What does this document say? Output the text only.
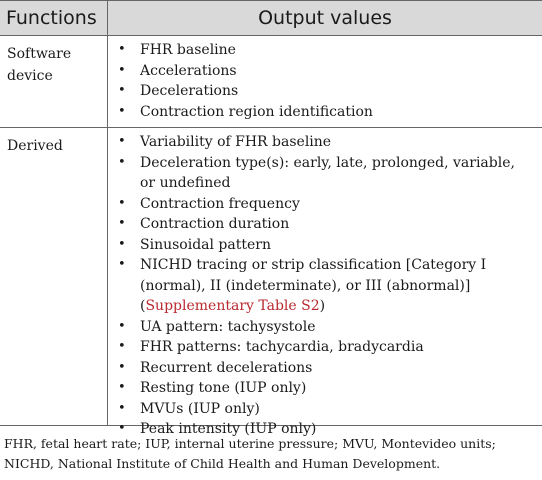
Functions	Output values
Software
device
• FHR baseline
• Accelerations
• Decelerations
• Contraction region identification
Derived	• Variability of FHR baseline
• Deceleration type(s): early, late, prolonged, variable,
or undefined
• Contraction frequency
• Contraction duration
• Sinusoidal pattern
• NICHD tracing or strip classification [Category I (normal), II (indeterminate), or III (abnormal)] (Supplementary Table S2)
• UA pattern: tachysystole
• FHR patterns: tachycardia, bradycardia
• Recurrent decelerations
• Resting tone (IUP only)
• MVUs (IUP only)
• Peak intensity (IUP only)
FHR, fetal heart rate; IUP, internal uterine pressure; MVU, Montevideo units; NICHD, National Institute of Child Health and Human Development.
